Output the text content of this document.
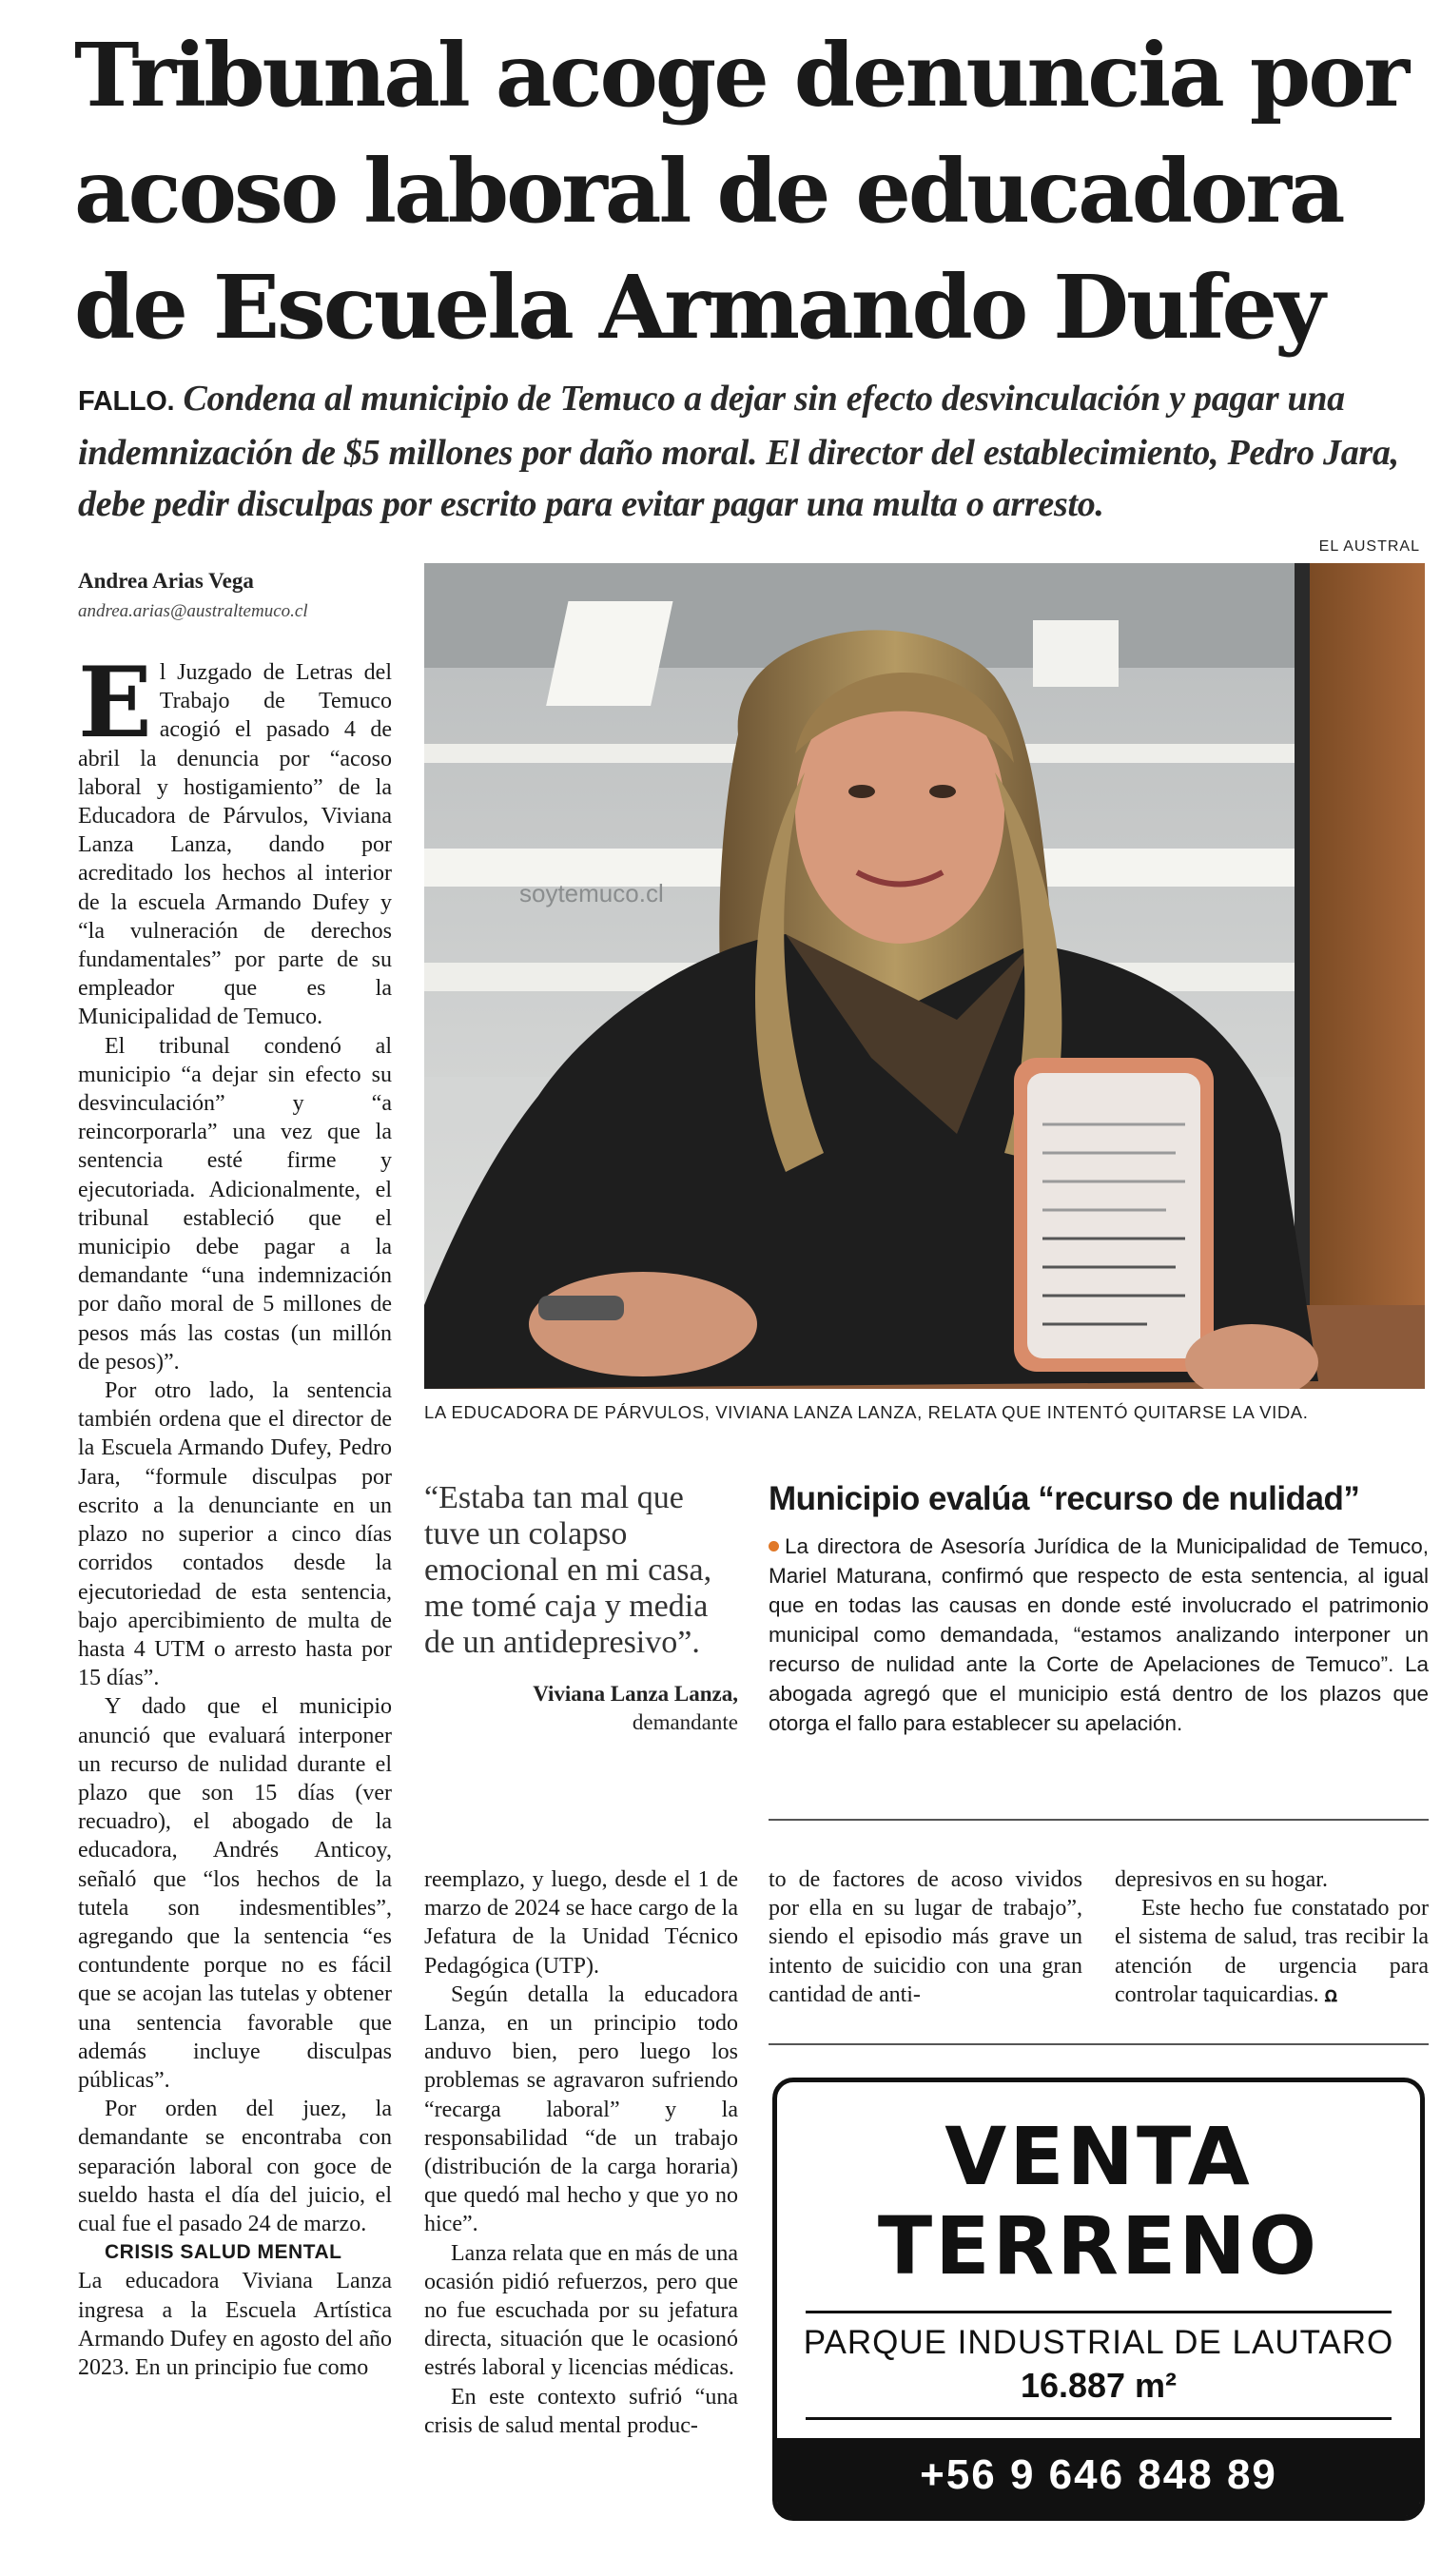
Tribunal acoge denuncia por
acoso laboral de educadora
de Escuela Armando Dufey

FALLO. Condena al municipio de Temuco a dejar sin efecto desvinculación y pagar una indemnización de $5 millones por daño moral. El director del establecimiento, Pedro Jara, debe pedir disculpas por escrito para evitar pagar una multa o arresto.

EL AUSTRAL
Andrea Arias Vega
andrea.arias@australtemuco.cl

El Juzgado de Letras del Trabajo de Temuco acogió el pasado 4 de abril la denuncia por “acoso laboral y hostigamiento” de la Educadora de Párvulos, Viviana Lanza Lanza, dando por acreditado los hechos al interior de la escuela Armando Dufey y “la vulneración de derechos fundamentales” por parte de su empleador que es la Municipalidad de Temuco.

El tribunal condenó al municipio “a dejar sin efecto su desvinculación” y “a reincorporarla” una vez que la sentencia esté firme y ejecutoriada. Adicionalmente, el tribunal estableció que el municipio debe pagar a la demandante “una indemnización por daño moral de 5 millones de pesos más las costas (un millón de pesos)”.

Por otro lado, la sentencia también ordena que el director de la Escuela Armando Dufey, Pedro Jara, “formule disculpas por escrito a la denunciante en un plazo no superior a cinco días corridos contados desde la ejecutoriedad de esta sentencia, bajo apercibimiento de multa de hasta 4 UTM o arresto hasta por 15 días”.

Y dado que el municipio anunció que evaluará interponer un recurso de nulidad durante el plazo que son 15 días (ver recuadro), el abogado de la educadora, Andrés Anticoy, señaló que “los hechos de la tutela son indesmentibles”, agregando que la sentencia “es contundente porque no es fácil que se acojan las tutelas y obtener una sentencia favorable que además incluye disculpas públicas”.

Por orden del juez, la demandante se encontraba con separación laboral con goce de sueldo hasta el día del juicio, el cual fue el pasado 24 de marzo.

CRISIS SALUD MENTAL

La educadora Viviana Lanza ingresa a la Escuela Artística Armando Dufey en agosto del año 2023. En un principio fue como

soytemuco.cl

LA EDUCADORA DE PÁRVULOS, VIVIANA LANZA LANZA, RELATA QUE INTENTÓ QUITARSE LA VIDA.

“Estaba tan mal que tuve un colapso emocional en mi casa, me tomé caja y media de un antidepresivo”.

Viviana Lanza Lanza,

demandante

Municipio evalúa “recurso de nulidad”

La directora de Asesoría Jurídica de la Municipalidad de Temuco, Mariel Maturana, confirmó que respecto de esta sentencia, al igual que en todas las causas en donde esté involucrado el patrimonio municipal como demandada, “estamos analizando interponer un recurso de nulidad ante la Corte de Apelaciones de Temuco”. La abogada agregó que el municipio está dentro de los plazos que otorga el fallo para establecer su apelación.

reemplazo, y luego, desde el 1 de marzo de 2024 se hace cargo de la Jefatura de la Unidad Técnico Pedagógica (UTP).

Según detalla la educadora Lanza, en un principio todo anduvo bien, pero luego los problemas se agravaron sufriendo “recarga laboral” y la responsabilidad “de un trabajo (distribución de la carga horaria) que quedó mal hecho y que yo no hice”.

Lanza relata que en más de una ocasión pidió refuerzos, pero que no fue escuchada por su jefatura directa, situación que le ocasionó estrés laboral y licencias médicas.

En este contexto sufrió “una crisis de salud mental produc-

to de factores de acoso vividos por ella en su lugar de trabajo”, siendo el episodio más grave un intento de suicidio con una gran cantidad de anti-

depresivos en su hogar.

Este hecho fue constatado por el sistema de salud, tras recibir la atención de urgencia para controlar taquicardias. ꭥ

VENTA
TERRENO
PARQUE INDUSTRIAL DE LAUTARO
16.887 m²
+56 9 646 848 89
